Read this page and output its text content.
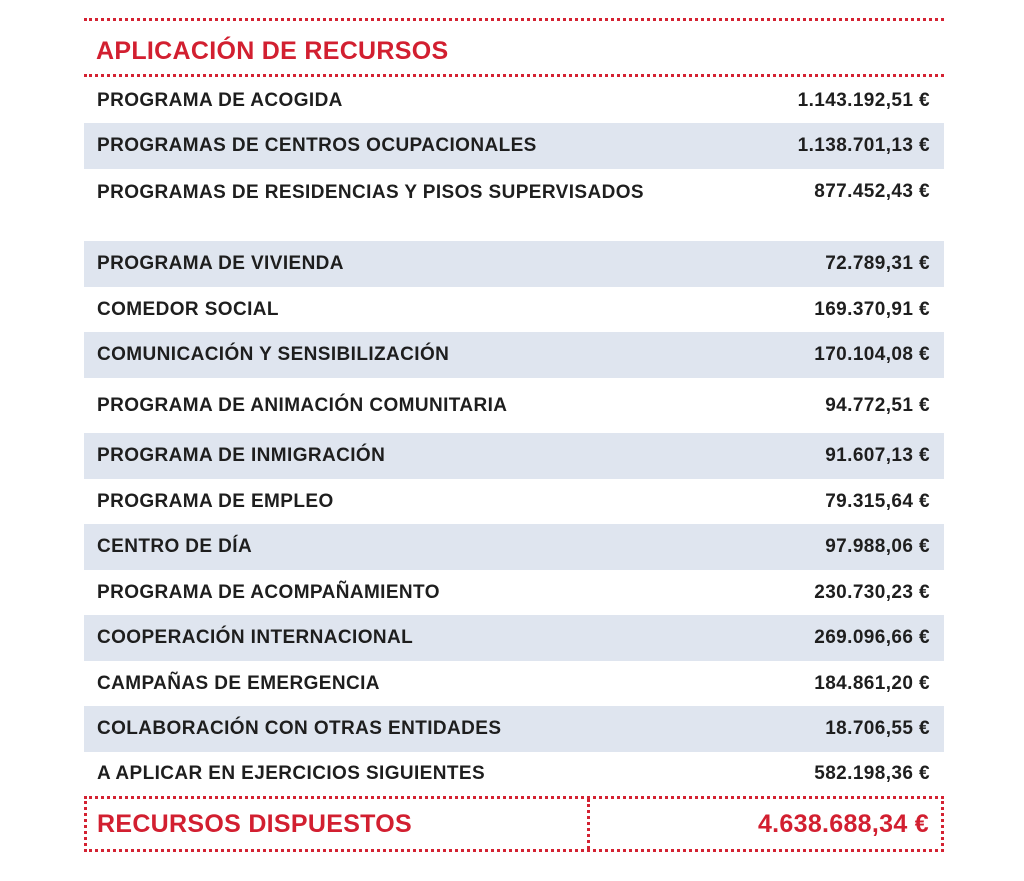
APLICACIÓN DE RECURSOS
PROGRAMA DE ACOGIDA	1.143.192,51 €
PROGRAMAS DE CENTROS OCUPACIONALES	1.138.701,13 €
PROGRAMAS DE RESIDENCIAS Y PISOS SUPERVISADOS	877.452,43 €
PROGRAMA DE VIVIENDA	72.789,31 €
COMEDOR SOCIAL	169.370,91 €
COMUNICACIÓN Y SENSIBILIZACIÓN	170.104,08 €
PROGRAMA DE ANIMACIÓN COMUNITARIA	94.772,51 €
PROGRAMA DE INMIGRACIÓN	91.607,13 €
PROGRAMA DE EMPLEO	79.315,64 €
CENTRO DE DÍA	97.988,06 €
PROGRAMA DE ACOMPAÑAMIENTO	230.730,23 €
COOPERACIÓN INTERNACIONAL	269.096,66 €
CAMPAÑAS DE EMERGENCIA	184.861,20 €
COLABORACIÓN CON OTRAS ENTIDADES	18.706,55 €
A APLICAR EN EJERCICIOS SIGUIENTES	582.198,36 €
RECURSOS DISPUESTOS	4.638.688,34 €
